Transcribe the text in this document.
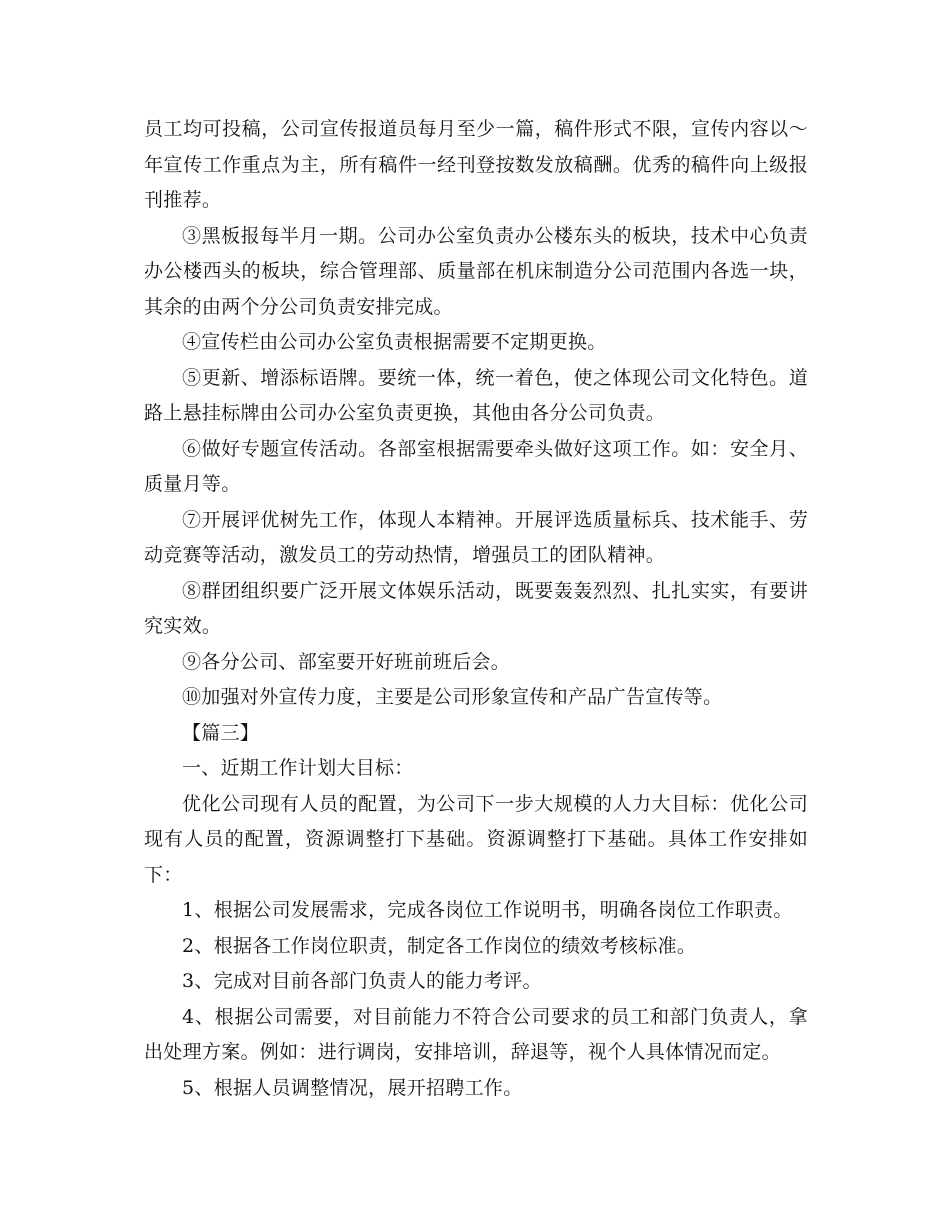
员工均可投稿，公司宣传报道员每月至少一篇，稿件形式不限，宣传内容以～年宣传工作重点为主，所有稿件一经刊登按数发放稿酬。优秀的稿件向上级报刊推荐。

③黑板报每半月一期。公司办公室负责办公楼东头的板块，技术中心负责办公楼西头的板块，综合管理部、质量部在机床制造分公司范围内各选一块，其余的由两个分公司负责安排完成。

④宣传栏由公司办公室负责根据需要不定期更换。

⑤更新、增添标语牌。要统一体，统一着色，使之体现公司文化特色。道路上悬挂标牌由公司办公室负责更换，其他由各分公司负责。

⑥做好专题宣传活动。各部室根据需要牵头做好这项工作。如：安全月、质量月等。

⑦开展评优树先工作，体现人本精神。开展评选质量标兵、技术能手、劳动竞赛等活动，激发员工的劳动热情，增强员工的团队精神。

⑧群团组织要广泛开展文体娱乐活动，既要轰轰烈烈、扎扎实实，有要讲究实效。

⑨各分公司、部室要开好班前班后会。

⑩加强对外宣传力度，主要是公司形象宣传和产品广告宣传等。

【篇三】

一、近期工作计划大目标：

优化公司现有人员的配置，为公司下一步大规模的人力大目标：优化公司现有人员的配置，资源调整打下基础。资源调整打下基础。具体工作安排如下：

1、根据公司发展需求，完成各岗位工作说明书，明确各岗位工作职责。

2、根据各工作岗位职责，制定各工作岗位的绩效考核标准。

3、完成对目前各部门负责人的能力考评。

4、根据公司需要，对目前能力不符合公司要求的员工和部门负责人，拿出处理方案。例如：进行调岗，安排培训，辞退等，视个人具体情况而定。

5、根据人员调整情况，展开招聘工作。
